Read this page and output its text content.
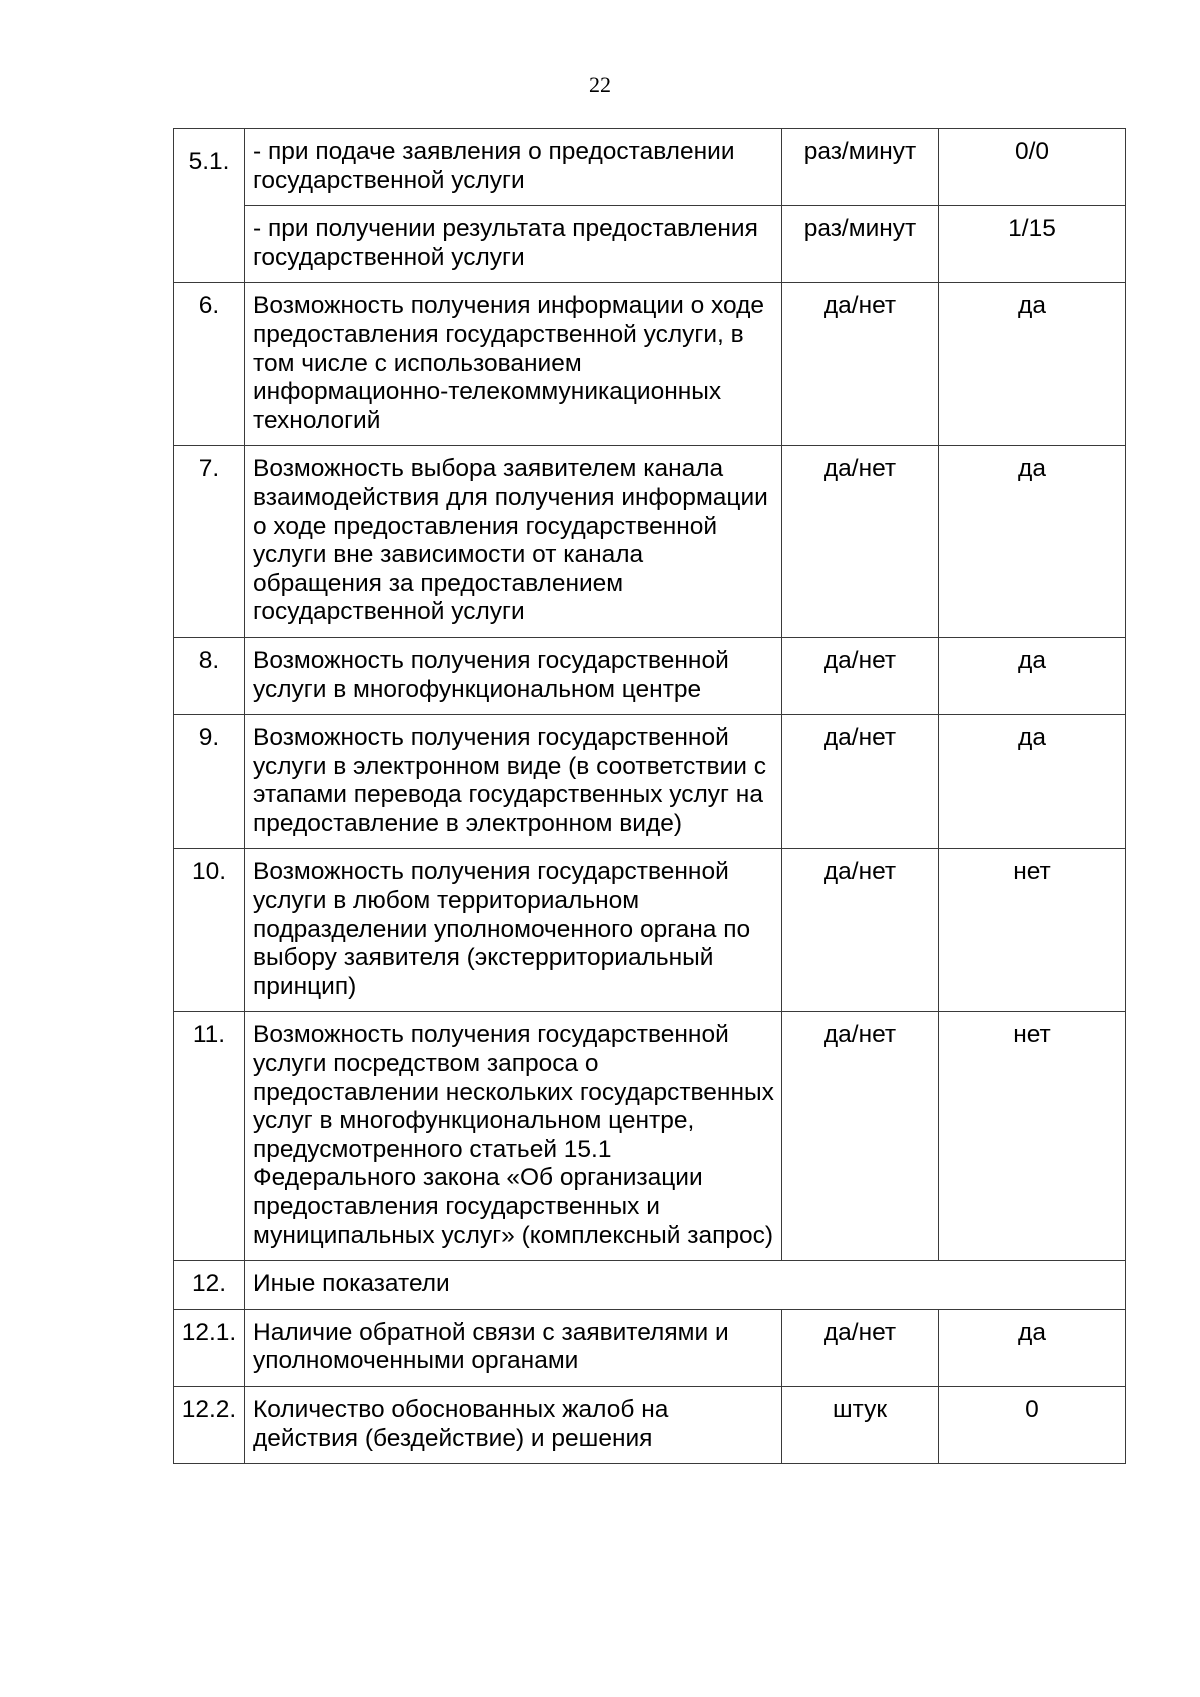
22
5.1.	- при подаче заявления о предоставлении государственной услуги	раз/минут	0/0
	- при получении результата предоставления государственной услуги	раз/минут	1/15
6.	Возможность получения информации о ходе предоставления государственной услуги, в том числе с использованием информационно-телекоммуникационных технологий	да/нет	да
7.	Возможность выбора заявителем канала взаимодействия для получения информации о ходе предоставления государственной услуги вне зависимости от канала обращения за предоставлением государственной услуги	да/нет	да
8.	Возможность получения государственной услуги в многофункциональном центре	да/нет	да
9.	Возможность получения государственной услуги в электронном виде (в соответствии с этапами перевода государственных услуг на предоставление в электронном виде)	да/нет	да
10.	Возможность получения государственной услуги в любом территориальном подразделении уполномоченного органа по выбору заявителя (экстерриториальный принцип)	да/нет	нет
11.	Возможность получения государственной услуги посредством запроса о предоставлении нескольких государственных услуг в многофункциональном центре, предусмотренного статьей 15.1 Федерального закона «Об организации предоставления государственных и муниципальных услуг» (комплексный запрос)	да/нет	нет
12.	Иные показатели		
12.1.	Наличие обратной связи с заявителями и уполномоченными органами	да/нет	да
12.2.	Количество обоснованных жалоб на действия (бездействие) и решения	штук	0
